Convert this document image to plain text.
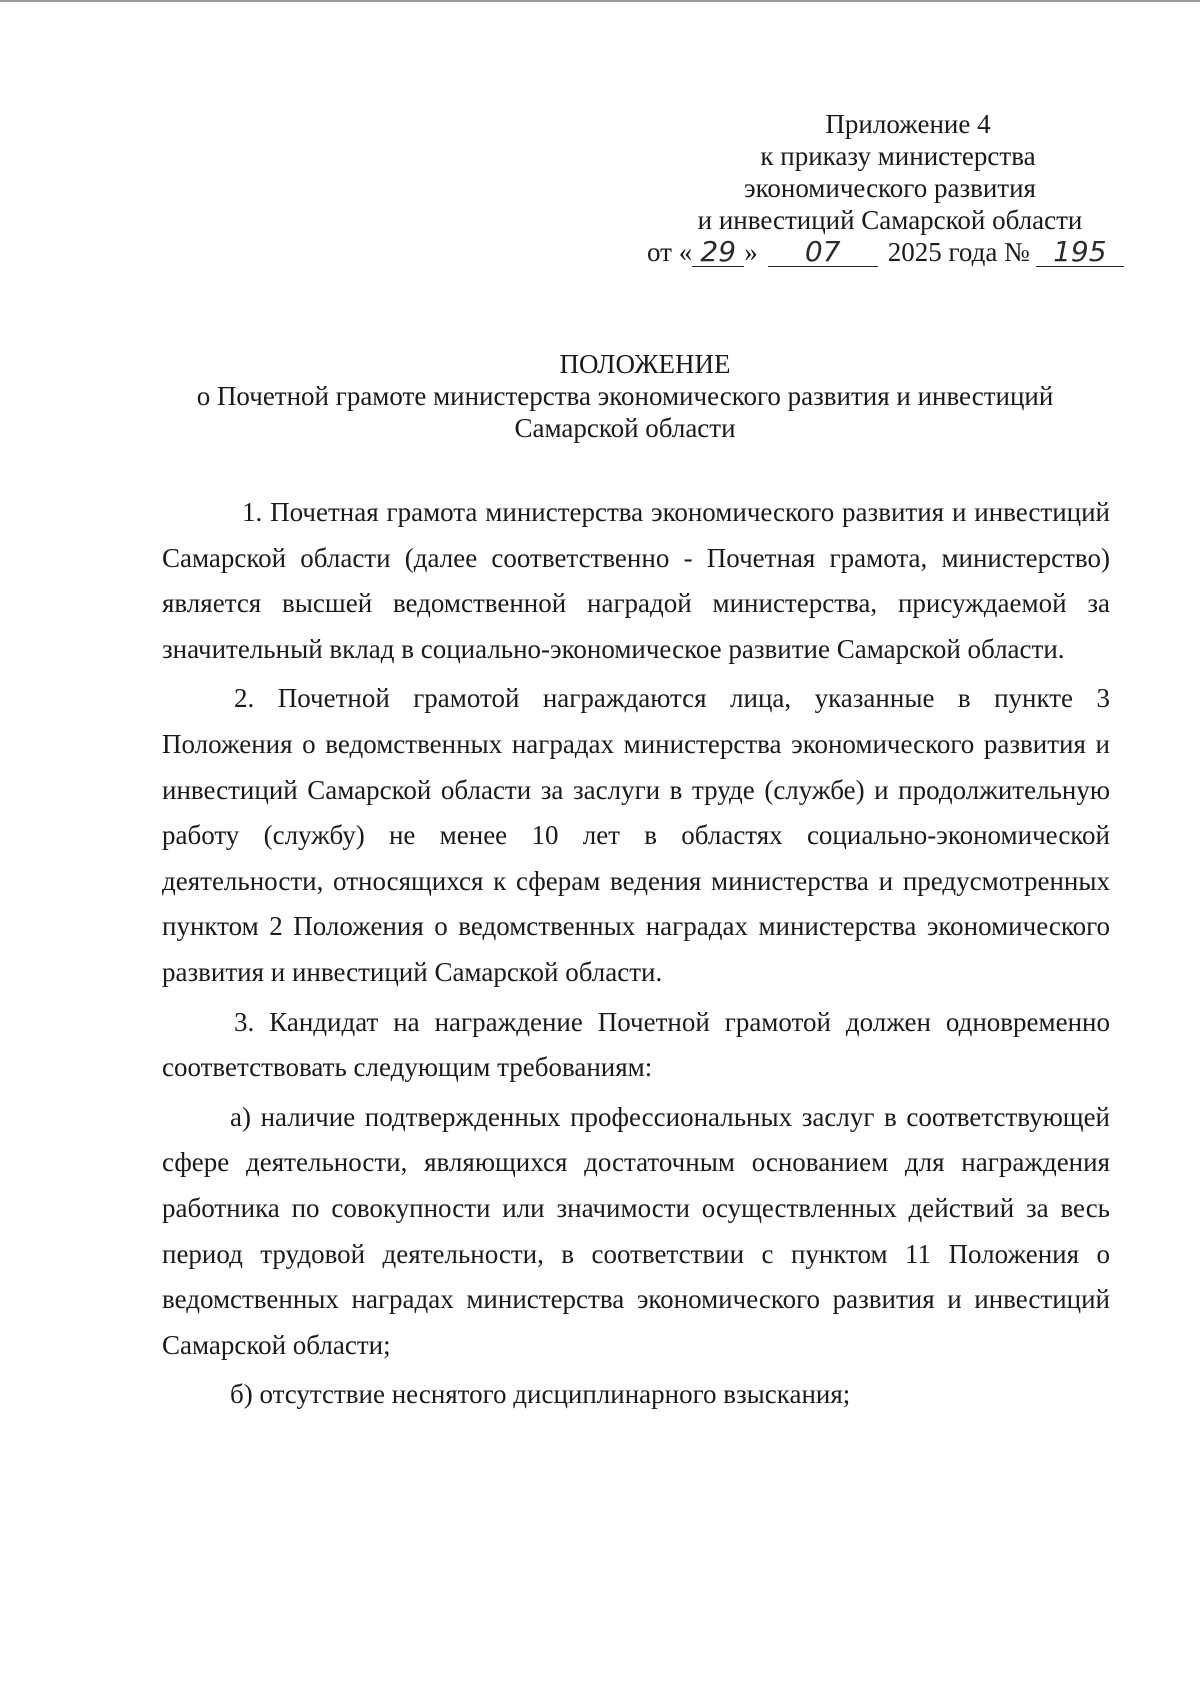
Приложение 4
к приказу министерства
экономического развития
и инвестиций Самарской области
от « 29 » 07 2025 года № 195
ПОЛОЖЕНИЕ
о Почетной грамоте министерства экономического развития и инвестиций
Самарской области

1. Почетная грамота министерства экономического развития и инвестиций Самарской области (далее соответственно - Почетная грамота, министерство) является высшей ведомственной наградой министерства, присуждаемой за значительный вклад в социально-экономическое развитие Самарской области.

2. Почетной грамотой награждаются лица, указанные в пункте 3 Положения о ведомственных наградах министерства экономического развития и инвестиций Самарской области за заслуги в труде (службе) и продолжительную работу (службу) не менее 10 лет в областях социально-экономической деятельности, относящихся к сферам ведения министерства и предусмотренных пунктом 2 Положения о ведомственных наградах министерства экономического развития и инвестиций Самарской области.

3. Кандидат на награждение Почетной грамотой должен одновременно соответствовать следующим требованиям:

а) наличие подтвержденных профессиональных заслуг в соответствующей сфере деятельности, являющихся достаточным основанием для награждения работника по совокупности или значимости осуществленных действий за весь период трудовой деятельности, в соответствии с пунктом 11 Положения о ведомственных наградах министерства экономического развития и инвестиций Самарской области;

б) отсутствие неснятого дисциплинарного взыскания;
